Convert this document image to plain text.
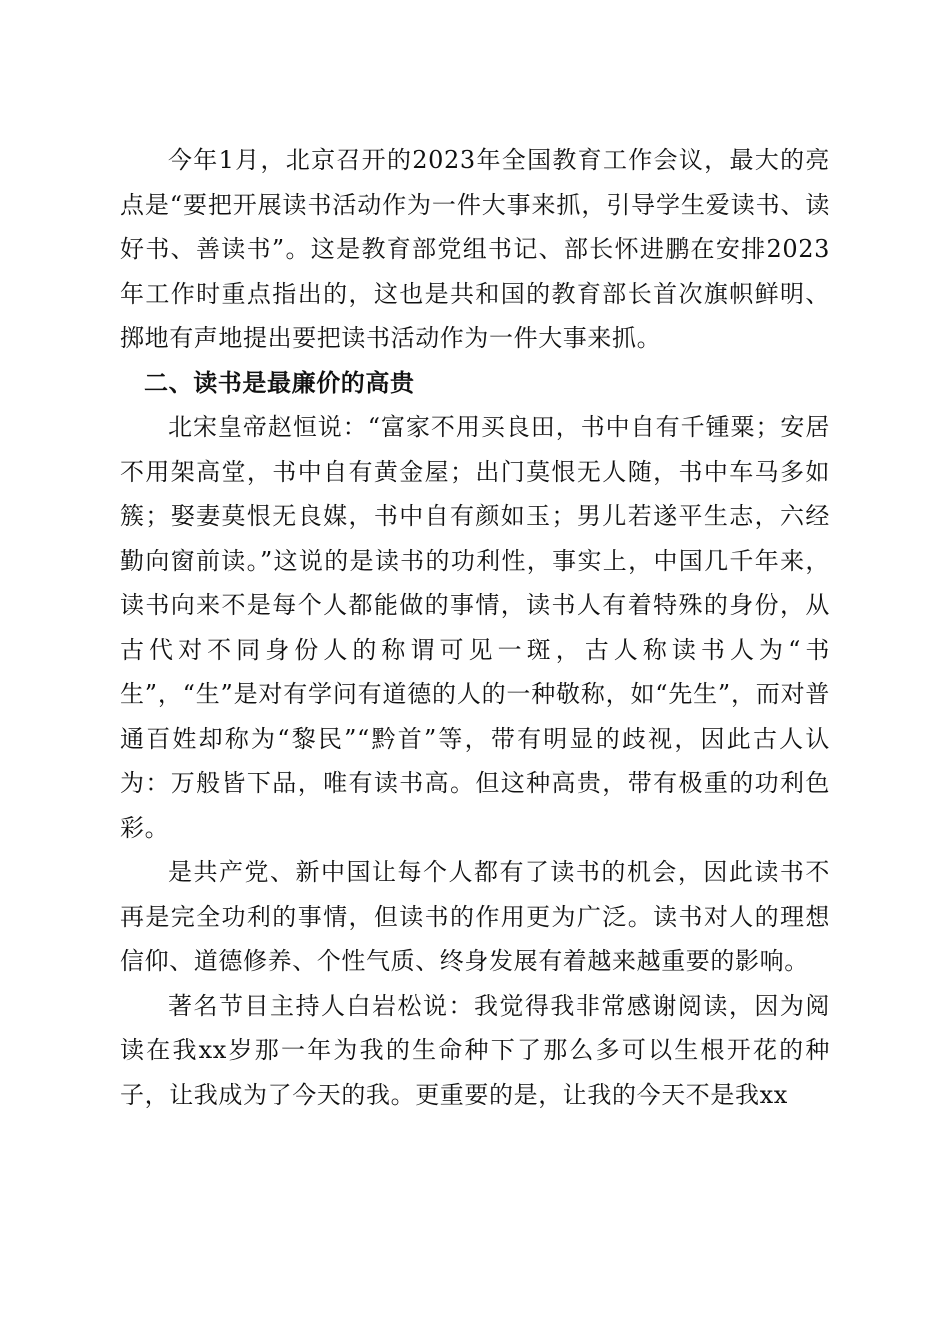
今年1月，北京召开的2023年全国教育工作会议，最大的亮点是“要把开展读书活动作为一件大事来抓，引导学生爱读书、读好书、善读书”。这是教育部党组书记、部长怀进鹏在安排2023年工作时重点指出的，这也是共和国的教育部长首次旗帜鲜明、掷地有声地提出要把读书活动作为一件大事来抓。

二、读书是最廉价的高贵

北宋皇帝赵恒说：“富家不用买良田，书中自有千锺粟；安居不用架高堂，书中自有黄金屋；出门莫恨无人随，书中车马多如簇；娶妻莫恨无良媒，书中自有颜如玉；男儿若遂平生志，六经勤向窗前读。”这说的是读书的功利性，事实上，中国几千年来，读书向来不是每个人都能做的事情，读书人有着特殊的身份，从古代对不同身份人的称谓可见一斑，古人称读书人为“书生”，“生”是对有学问有道德的人的一种敬称，如“先生”，而对普通百姓却称为“黎民”“黔首”等，带有明显的歧视，因此古人认为：万般皆下品，唯有读书高。但这种高贵，带有极重的功利色彩。

是共产党、新中国让每个人都有了读书的机会，因此读书不再是完全功利的事情，但读书的作用更为广泛。读书对人的理想信仰、道德修养、个性气质、终身发展有着越来越重要的影响。

著名节目主持人白岩松说：我觉得我非常感谢阅读，因为阅读在我xx岁那一年为我的生命种下了那么多可以生根开花的种子，让我成为了今天的我。更重要的是，让我的今天不是我xx
